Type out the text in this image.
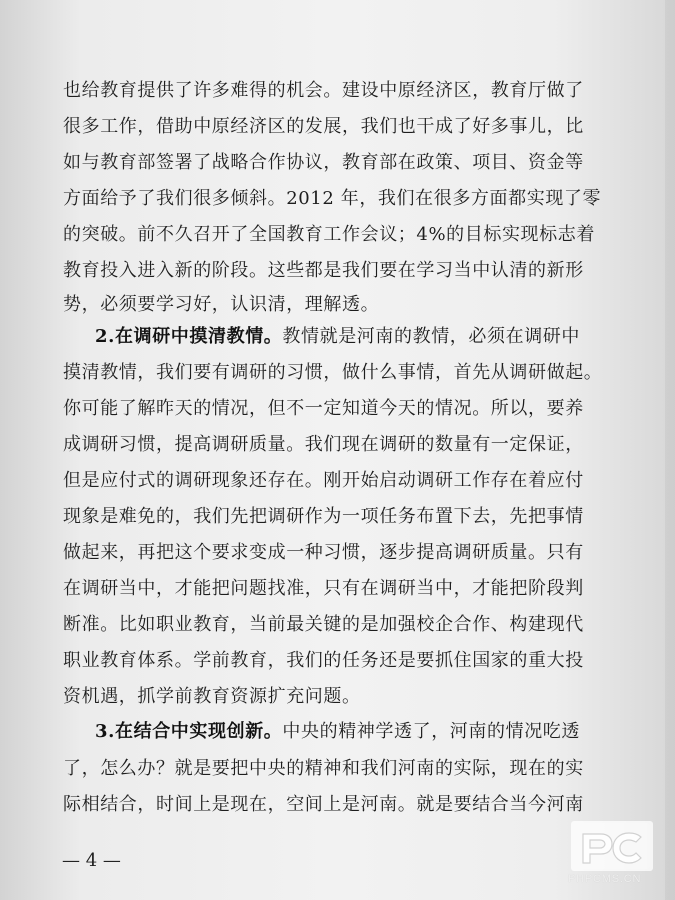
也给教育提供了许多难得的机会。建设中原经济区，教育厅做了
很多工作，借助中原经济区的发展，我们也干成了好多事儿，比
如与教育部签署了战略合作协议，教育部在政策、项目、资金等
方面给予了我们很多倾斜。2012 年，我们在很多方面都实现了零
的突破。前不久召开了全国教育工作会议；4%的目标实现标志着
教育投入进入新的阶段。这些都是我们要在学习当中认清的新形
势，必须要学习好，认识清，理解透。
2.在调研中摸清教情。教情就是河南的教情，必须在调研中
摸清教情，我们要有调研的习惯，做什么事情，首先从调研做起。
你可能了解昨天的情况，但不一定知道今天的情况。所以，要养
成调研习惯，提高调研质量。我们现在调研的数量有一定保证，
但是应付式的调研现象还存在。刚开始启动调研工作存在着应付
现象是难免的，我们先把调研作为一项任务布置下去，先把事情
做起来，再把这个要求变成一种习惯，逐步提高调研质量。只有
在调研当中，才能把问题找准，只有在调研当中，才能把阶段判
断准。比如职业教育，当前最关键的是加强校企合作、构建现代
职业教育体系。学前教育，我们的任务还是要抓住国家的重大投
资机遇，抓学前教育资源扩充问题。
3.在结合中实现创新。中央的精神学透了，河南的情况吃透
了，怎么办？就是要把中央的精神和我们河南的实际，现在的实
际相结合，时间上是现在，空间上是河南。就是要结合当今河南
— 4 —
PHPCMS.CN
